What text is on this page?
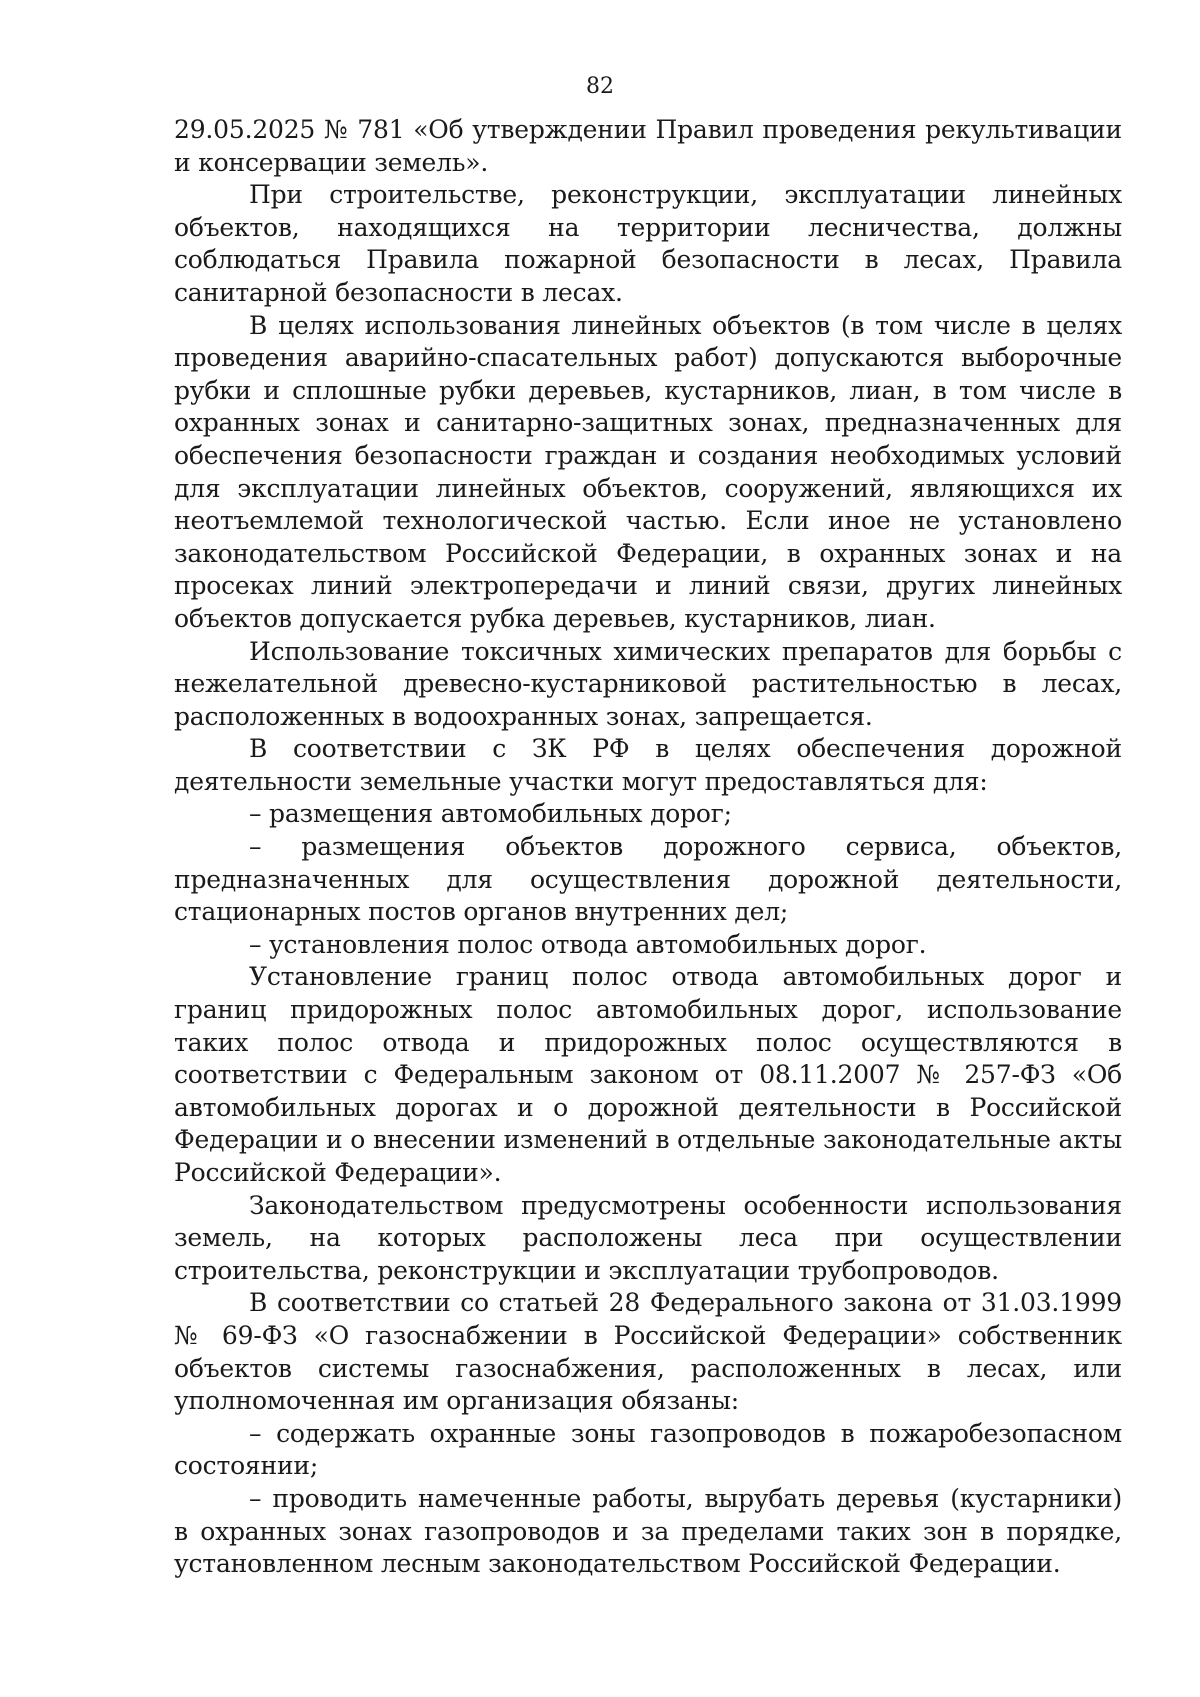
82

29.05.2025 № 781 «Об утверждении Правил проведения рекультивации и консервации земель».

При строительстве, реконструкции, эксплуатации линейных объектов, находящихся на территории лесничества, должны соблюдаться Правила пожарной безопасности в лесах, Правила санитарной безопасности в лесах.

В целях использования линейных объектов (в том числе в целях проведения аварийно-спасательных работ) допускаются выборочные рубки и сплошные рубки деревьев, кустарников, лиан, в том числе в охранных зонах и санитарно-защитных зонах, предназначенных для обеспечения безопасности граждан и создания необходимых условий для эксплуатации линейных объектов, сооружений, являющихся их неотъемлемой технологической частью. Если иное не установлено законодательством Российской Федерации, в охранных зонах и на просеках линий электропередачи и линий связи, других линейных объектов допускается рубка деревьев, кустарников, лиан.

Использование токсичных химических препаратов для борьбы с нежелательной древесно-кустарниковой растительностью в лесах, расположенных в водоохранных зонах, запрещается.

В соответствии с ЗК РФ в целях обеспечения дорожной деятельности земельные участки могут предоставляться для:

– размещения автомобильных дорог;

– размещения объектов дорожного сервиса, объектов, предназначенных для осуществления дорожной деятельности, стационарных постов органов внутренних дел;

– установления полос отвода автомобильных дорог.

Установление границ полос отвода автомобильных дорог и границ придорожных полос автомобильных дорог, использование таких полос отвода и придорожных полос осуществляются в соответствии с Федеральным законом от 08.11.2007 № 257-ФЗ «Об автомобильных дорогах и о дорожной деятельности в Российской Федерации и о внесении изменений в отдельные законодательные акты Российской Федерации».

Законодательством предусмотрены особенности использования земель, на которых расположены леса при осуществлении строительства, реконструкции и эксплуатации трубопроводов.

В соответствии со статьей 28 Федерального закона от 31.03.1999 № 69-ФЗ «О газоснабжении в Российской Федерации» собственник объектов системы газоснабжения, расположенных в лесах, или уполномоченная им организация обязаны:

– содержать охранные зоны газопроводов в пожаробезопасном состоянии;

– проводить намеченные работы, вырубать деревья (кустарники) в охранных зонах газопроводов и за пределами таких зон в порядке, установленном лесным законодательством Российской Федерации.
